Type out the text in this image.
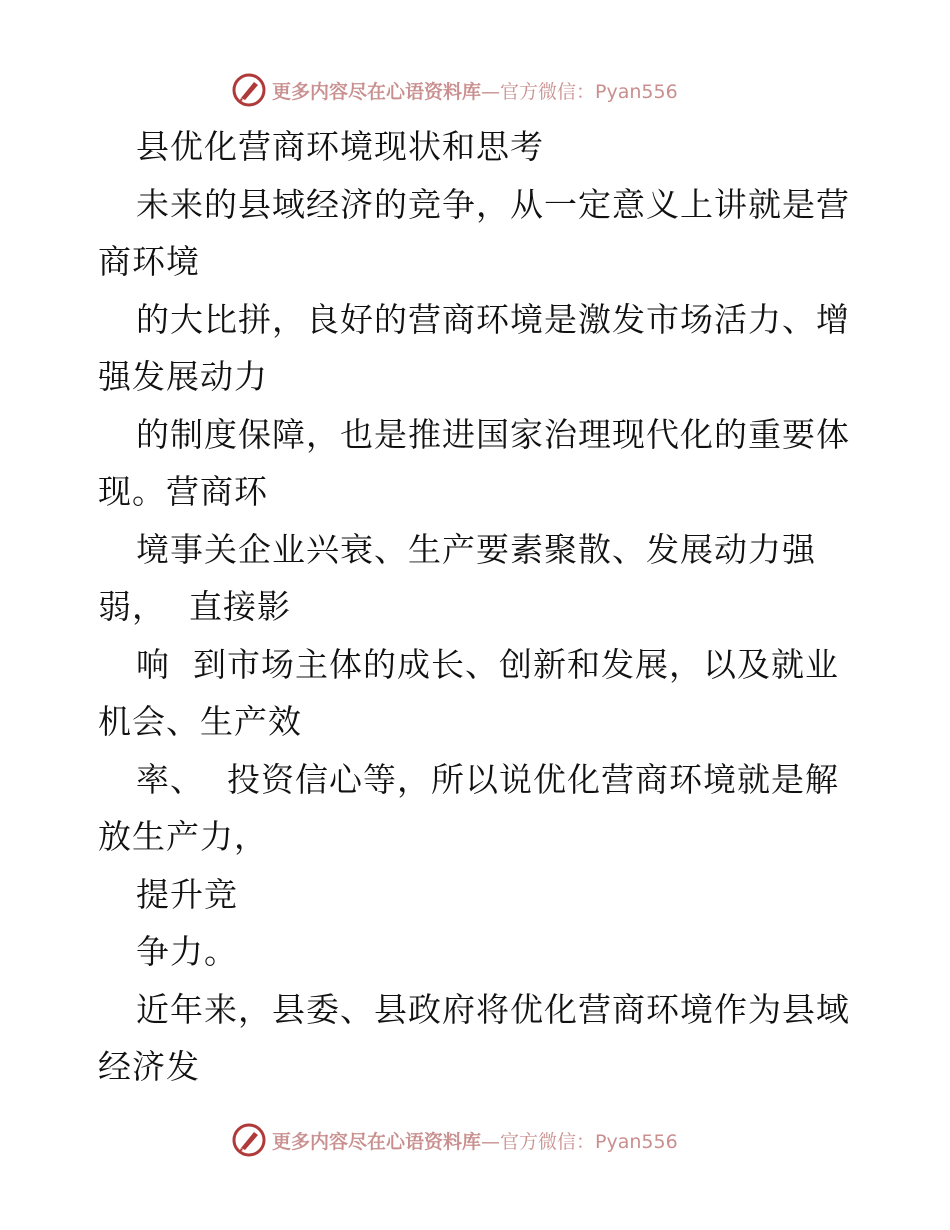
更多内容尽在心语资料库 —官方微信：Pyan556
县优化营商环境现状和思考
未来的县域经济的竞争，从一定意义上讲就是营
商环境
的大比拼，良好的营商环境是激发市场活力、增
强发展动力
的制度保障，也是推进国家治理现代化的重要体
现。营商环
境事关企业兴衰、生产要素聚散、发展动力强
弱，  直接影
响  到市场主体的成长、创新和发展，以及就业
机会、生产效
率、  投资信心等，所以说优化营商环境就是解
放生产力，
提升竞
争力。
近年来，县委、县政府将优化营商环境作为县域
经济发
更多内容尽在心语资料库 —官方微信：Pyan556
